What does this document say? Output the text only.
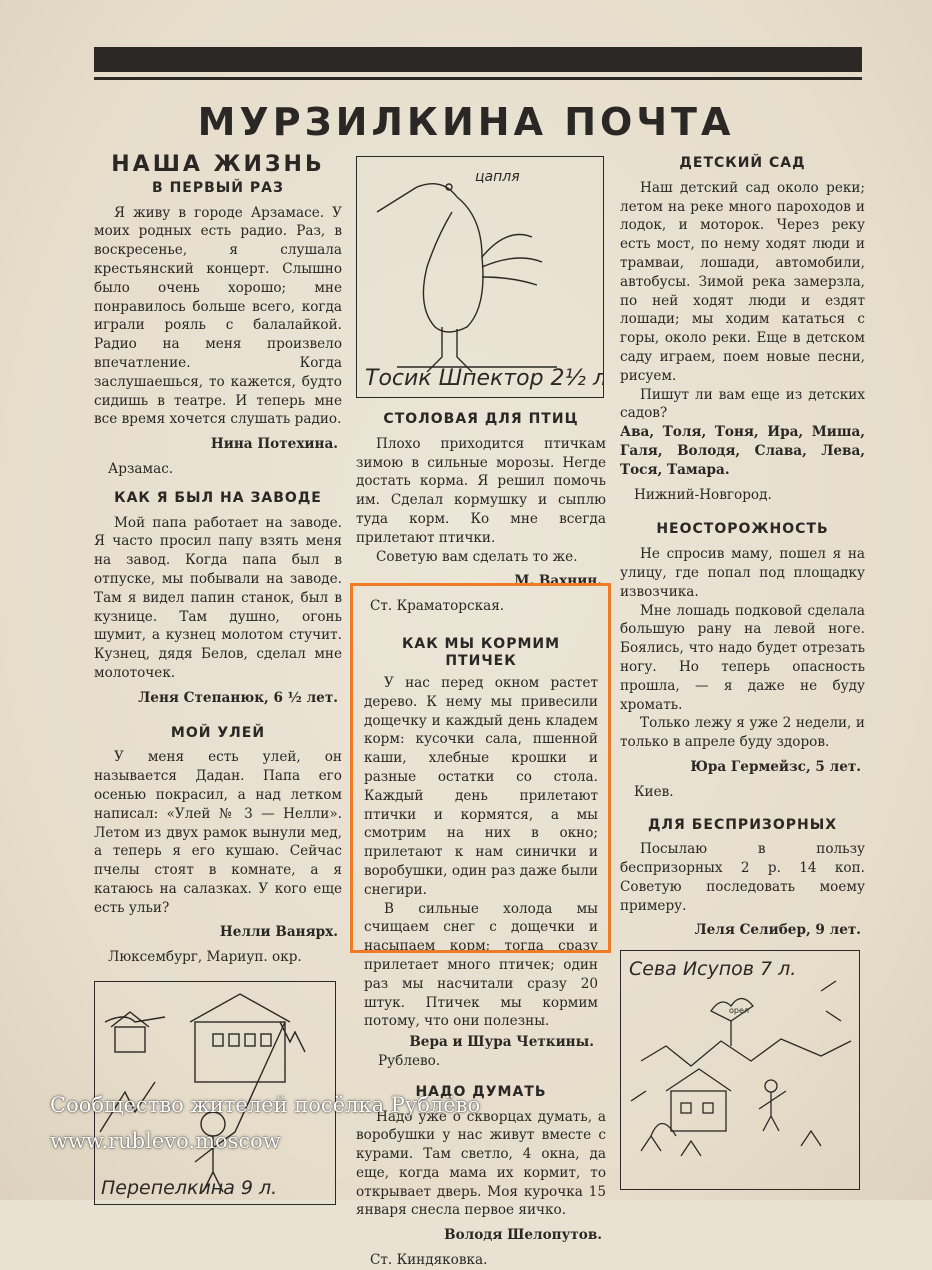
МУРЗИЛКИНА ПОЧТА
НАША ЖИЗНЬ
В ПЕРВЫЙ РАЗ

Я живу в городе Арзамасе. У моих родных есть радио. Раз, в воскресенье, я слушала крестьянский концерт. Слышно было очень хорошо; мне понравилось больше всего, когда играли рояль с балалайкой. Радио на меня произвело впечатление. Когда заслушаешься, то кажется, будто сидишь в театре. И теперь мне все время хочется слушать радио.

Нина Потехина.
Арзамас.
КАК Я БЫЛ НА ЗАВОДЕ

Мой папа работает на заводе. Я часто просил папу взять меня на завод. Когда папа был в отпуске, мы побывали на заводе. Там я видел папин станок, был в кузнице. Там душно, огонь шумит, а кузнец молотом стучит. Кузнец, дядя Белов, сделал мне молоточек.

Леня Степанюк, 6 ½ лет.
МОЙ УЛЕЙ

У меня есть улей, он называется Дадан. Папа его осенью покрасил, а над летком написал: «Улей № 3 — Нелли». Летом из двух рамок вынули мед, а теперь я его кушаю. Сейчас пчелы стоят в комнате, а я катаюсь на салазках. У кого еще есть ульи?

Нелли Ванярх.
Люксембург, Мариуп. окр.
Перепелкина 9 л.
цапля
Тосик Шпектор 2½ л.
СТОЛОВАЯ ДЛЯ ПТИЦ

Плохо приходится птичкам зимою в сильные морозы. Негде достать корма. Я решил помочь им. Сделал кормушку и сыплю туда корм. Ко мне всегда прилетают птички.

Советую вам сделать то же.

М. Вахнин.
Ст. Краматорская.
КАК МЫ КОРМИМ ПТИЧЕК

У нас перед окном растет дерево. К нему мы привесили дощечку и каждый день кладем корм: кусочки сала, пшенной каши, хлебные крошки и разные остатки со стола. Каждый день прилетают птички и кормятся, а мы смотрим на них в окно; прилетают к нам синички и воробушки, один раз даже были снегири.

В сильные холода мы счищаем снег с дощечки и насыпаем корм; тогда сразу прилетает много птичек; один раз мы насчитали сразу 20 штук. Птичек мы кормим потому, что они полезны.

Вера и Шура Четкины.
Рублево.
НАДО ДУМАТЬ

Надо уже о скворцах думать, а воробушки у нас живут вместе с курами. Там светло, 4 окна, да еще, когда мама их кормит, то открывает дверь. Моя курочка 15 января снесла первое яичко.

Володя Шелопутов.
Ст. Киндяковка.
ДЕТСКИЙ САД

Наш детский сад около реки; летом на реке много пароходов и лодок, и моторок. Через реку есть мост, по нему ходят люди и трамваи, лошади, автомобили, автобусы. Зимой река замерзла, по ней ходят люди и ездят лошади; мы ходим кататься с горы, около реки. Еще в детском саду играем, поем новые песни, рисуем.

Пишут ли вам еще из детских садов?

Ава, Толя, Тоня, Ира, Миша, Галя, Володя, Слава, Лева, Тося, Тамара.

Нижний-Новгород.
НЕОСТОРОЖНОСТЬ

Не спросив маму, пошел я на улицу, где попал под площадку извозчика.

Мне лошадь подковой сделала большую рану на левой ноге. Боялись, что надо будет отрезать ногу. Но теперь опасность прошла, — я даже не буду хромать.

Только лежу я уже 2 недели, и только в апреле буду здоров.

Юра Гермейзс, 5 лет.
Киев.
ДЛЯ БЕСПРИЗОРНЫХ

Посылаю в пользу беспризорных 2 р. 14 коп. Советую последовать моему примеру.

Леля Селибер, 9 лет.
Сева Исупов 7 л.
орел
Сообщество жителей посёлка Рублёво
www.rublevo.moscow
